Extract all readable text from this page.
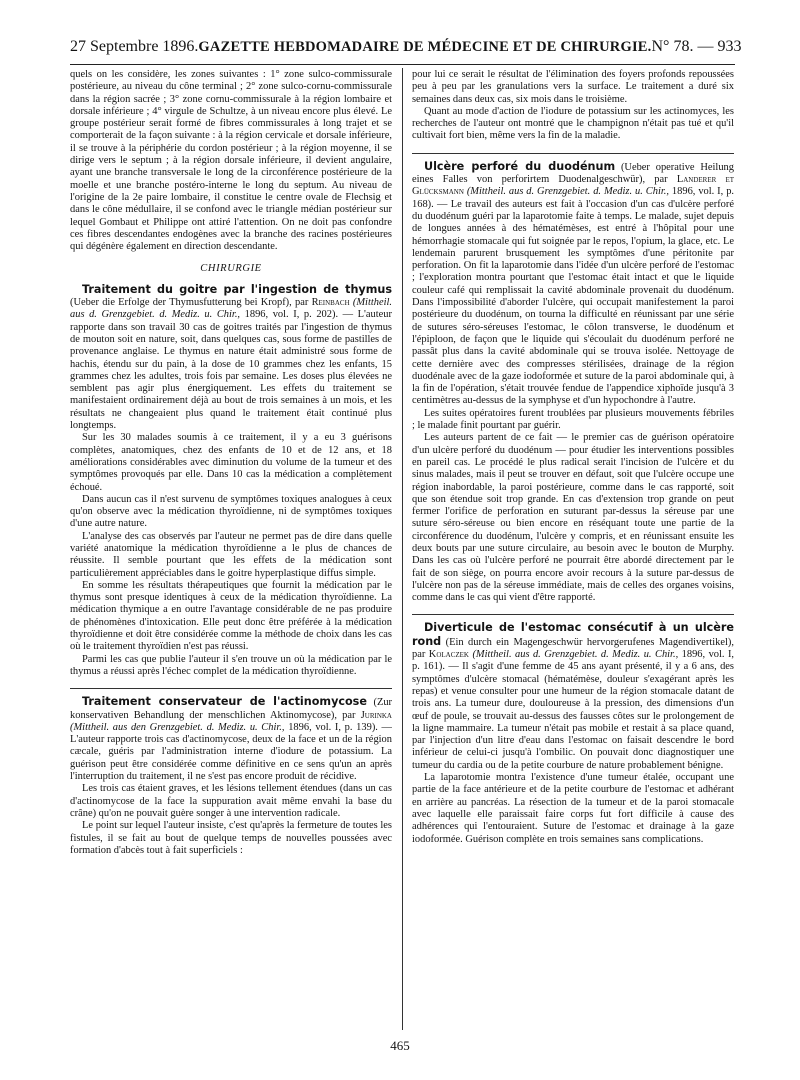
27 Septembre 1896. GAZETTE HEBDOMADAIRE DE MÉDECINE ET DE CHIRURGIE. N° 78. — 933

quels on les considère, les zones suivantes : 1° zone sulco-commissurale postérieure, au niveau du cône terminal ; 2° zone sulco-cornu-commissurale dans la région sacrée ; 3° zone cornu-commissurale à la région lombaire et dorsale inférieure ; 4° virgule de Schultze, à un niveau encore plus élevé. Le groupe postérieur serait formé de fibres commissurales à long trajet et se comporterait de la façon suivante : à la région cervicale et dorsale inférieure, il se trouve à la périphérie du cordon postérieur ; à la région moyenne, il se dirige vers le septum ; à la région dorsale inférieure, il devient angulaire, ayant une branche transversale le long de la circonférence postérieure de la moelle et une branche postéro-interne le long du septum. Au niveau de l'origine de la 2e paire lombaire, il constitue le centre ovale de Flechsig et dans le cône médullaire, il se confond avec le triangle médian postérieur sur lequel Gombaut et Philippe ont attiré l'attention. On ne doit pas confondre ces fibres descendantes endogènes avec la branche des racines postérieures qui dégénère également en direction descendante.

CHIRURGIE

Traitement du goitre par l'ingestion de thymus (Ueber die Erfolge der Thymusfutterung bei Kropf), par Reinbach (Mittheil. aus d. Grenzgebiet. d. Mediz. u. Chir., 1896, vol. I, p. 202). — L'auteur rapporte dans son travail 30 cas de goitres traités par l'ingestion de thymus de mouton soit en nature, soit, dans quelques cas, sous forme de pastilles de provenance anglaise. Le thymus en nature était administré sous forme de hachis, étendu sur du pain, à la dose de 10 grammes chez les enfants, 15 grammes chez les adultes, trois fois par semaine. Les doses plus élevées ne semblent pas agir plus énergiquement. Les effets du traitement se manifestaient ordinairement déjà au bout de trois semaines à un mois, et les résultats ne changeaient plus quand le traitement était continué plus longtemps.

Sur les 30 malades soumis à ce traitement, il y a eu 3 guérisons complètes, anatomiques, chez des enfants de 10 et de 12 ans, et 18 améliorations considérables avec diminution du volume de la tumeur et des symptômes provoqués par elle. Dans 10 cas la médication a complètement échoué.

Dans aucun cas il n'est survenu de symptômes toxiques analogues à ceux qu'on observe avec la médication thyroïdienne, ni de symptômes toxiques d'une autre nature.

L'analyse des cas observés par l'auteur ne permet pas de dire dans quelle variété anatomique la médication thyroïdienne a le plus de chances de réussite. Il semble pourtant que les effets de la médication sont particulièrement appréciables dans le goitre hyperplastique diffus simple.

En somme les résultats thérapeutiques que fournit la médication par le thymus sont presque identiques à ceux de la médication thyroïdienne. La médication thymique a en outre l'avantage considérable de ne pas produire de phénomènes d'intoxication. Elle peut donc être préférée à la médication thyroïdienne et doit être considérée comme la méthode de choix dans les cas où le traitement thyroïdien n'est pas réussi.

Parmi les cas que publie l'auteur il s'en trouve un où la médication par le thymus a réussi après l'échec complet de la médication thyroïdienne.

Traitement conservateur de l'actinomycose (Zur konservativen Behandlung der menschlichen Aktinomycose), par Jurinka (Mittheil. aus den Grenzgebiet. d. Mediz. u. Chir., 1896, vol. I, p. 139). — L'auteur rapporte trois cas d'actinomycose, deux de la face et un de la région cæcale, guéris par l'administration interne d'iodure de potassium. La guérison peut être considérée comme définitive en ce sens qu'un an après l'interruption du traitement, il ne s'est pas encore produit de récidive.

Les trois cas étaient graves, et les lésions tellement étendues (dans un cas d'actinomycose de la face la suppuration avait même envahi la base du crâne) qu'on ne pouvait guère songer à une intervention radicale.

Le point sur lequel l'auteur insiste, c'est qu'après la fermeture de toutes les fistules, il se fait au bout de quelque temps de nouvelles poussées avec formation d'abcès tout à fait superficiels :

pour lui ce serait le résultat de l'élimination des foyers profonds repoussées peu à peu par les granulations vers la surface. Le traitement a duré six semaines dans deux cas, six mois dans le troisième.

Quant au mode d'action de l'iodure de potassium sur les actinomyces, les recherches de l'auteur ont montré que le champignon n'était pas tué et qu'il cultivait fort bien, même vers la fin de la maladie.

Ulcère perforé du duodénum (Ueber operative Heilung eines Falles von perforirtem Duodenalgeschwür), par Landerer et Glücksmann (Mittheil. aus d. Grenzgebiet. d. Mediz. u. Chir., 1896, vol. I, p. 168). — Le travail des auteurs est fait à l'occasion d'un cas d'ulcère perforé du duodénum guéri par la laparotomie faite à temps. Le malade, sujet depuis de longues années à des hématémèses, est entré à l'hôpital pour une hémorrhagie stomacale qui fut soignée par le repos, l'opium, la glace, etc. Le lendemain parurent brusquement les symptômes d'une péritonite par perforation. On fit la laparotomie dans l'idée d'un ulcère perforé de l'estomac ; l'exploration montra pourtant que l'estomac était intact et que le liquide couleur café qui remplissait la cavité abdominale provenait du duodénum. Dans l'impossibilité d'aborder l'ulcère, qui occupait manifestement la paroi postérieure du duodénum, on tourna la difficulté en réunissant par une série de sutures séro-séreuses l'estomac, le côlon transverse, le duodénum et l'épiploon, de façon que le liquide qui s'écoulait du duodénum perforé ne passât plus dans la cavité abdominale qui se trouva isolée. Nettoyage de cette dernière avec des compresses stérilisées, drainage de la région duodénale avec de la gaze iodoformée et suture de la paroi abdominale qui, à la fin de l'opération, s'était trouvée fendue de l'appendice xiphoïde jusqu'à 3 centimètres au-dessus de la symphyse et d'un hypochondre à l'autre.

Les suites opératoires furent troublées par plusieurs mouvements fébriles ; le malade finit pourtant par guérir.

Les auteurs partent de ce fait — le premier cas de guérison opératoire d'un ulcère perforé du duodénum — pour étudier les interventions possibles en pareil cas. Le procédé le plus radical serait l'incision de l'ulcère et du sinus malades, mais il peut se trouver en défaut, soit que l'ulcère occupe une région inabordable, la paroi postérieure, comme dans le cas rapporté, soit que son étendue soit trop grande. En cas d'extension trop grande on peut fermer l'orifice de perforation en suturant par-dessus la séreuse par une suture séro-séreuse ou bien encore en réséquant toute une partie de la circonférence du duodénum, l'ulcère y compris, et en réunissant ensuite les deux bouts par une suture circulaire, au besoin avec le bouton de Murphy. Dans les cas où l'ulcère perforé ne pourrait être abordé directement par le fait de son siège, on pourra encore avoir recours à la suture par-dessus de l'ulcère non pas de la séreuse immédiate, mais de celles des organes voisins, comme dans le cas qui vient d'être rapporté.

Diverticule de l'estomac consécutif à un ulcère rond (Ein durch ein Magengeschwür hervorgerufenes Magendivertikel), par Kolaczek (Mittheil. aus d. Grenzgebiet. d. Mediz. u. Chir., 1896, vol. I, p. 161). — Il s'agit d'une femme de 45 ans ayant présenté, il y a 6 ans, des symptômes d'ulcère stomacal (hématémèse, douleur s'exagérant après les repas) et venue consulter pour une humeur de la région stomacale datant de trois ans. La tumeur dure, douloureuse à la pression, des dimensions d'un œuf de poule, se trouvait au-dessus des fausses côtes sur le prolongement de la ligne mammaire. La tumeur n'était pas mobile et restait à sa place quand, par l'injection d'un litre d'eau dans l'estomac on faisait descendre le bord inférieur de celui-ci jusqu'à l'ombilic. On pouvait donc diagnostiquer une tumeur du cardia ou de la petite courbure de nature probablement bénigne.

La laparotomie montra l'existence d'une tumeur étalée, occupant une partie de la face antérieure et de la petite courbure de l'estomac et adhérant en arrière au pancréas. La résection de la tumeur et de la paroi stomacale avec laquelle elle paraissait faire corps fut fort difficile à cause des adhérences qui l'entouraient. Suture de l'estomac et drainage à la gaze iodoformée. Guérison complète en trois semaines sans complications.

465
